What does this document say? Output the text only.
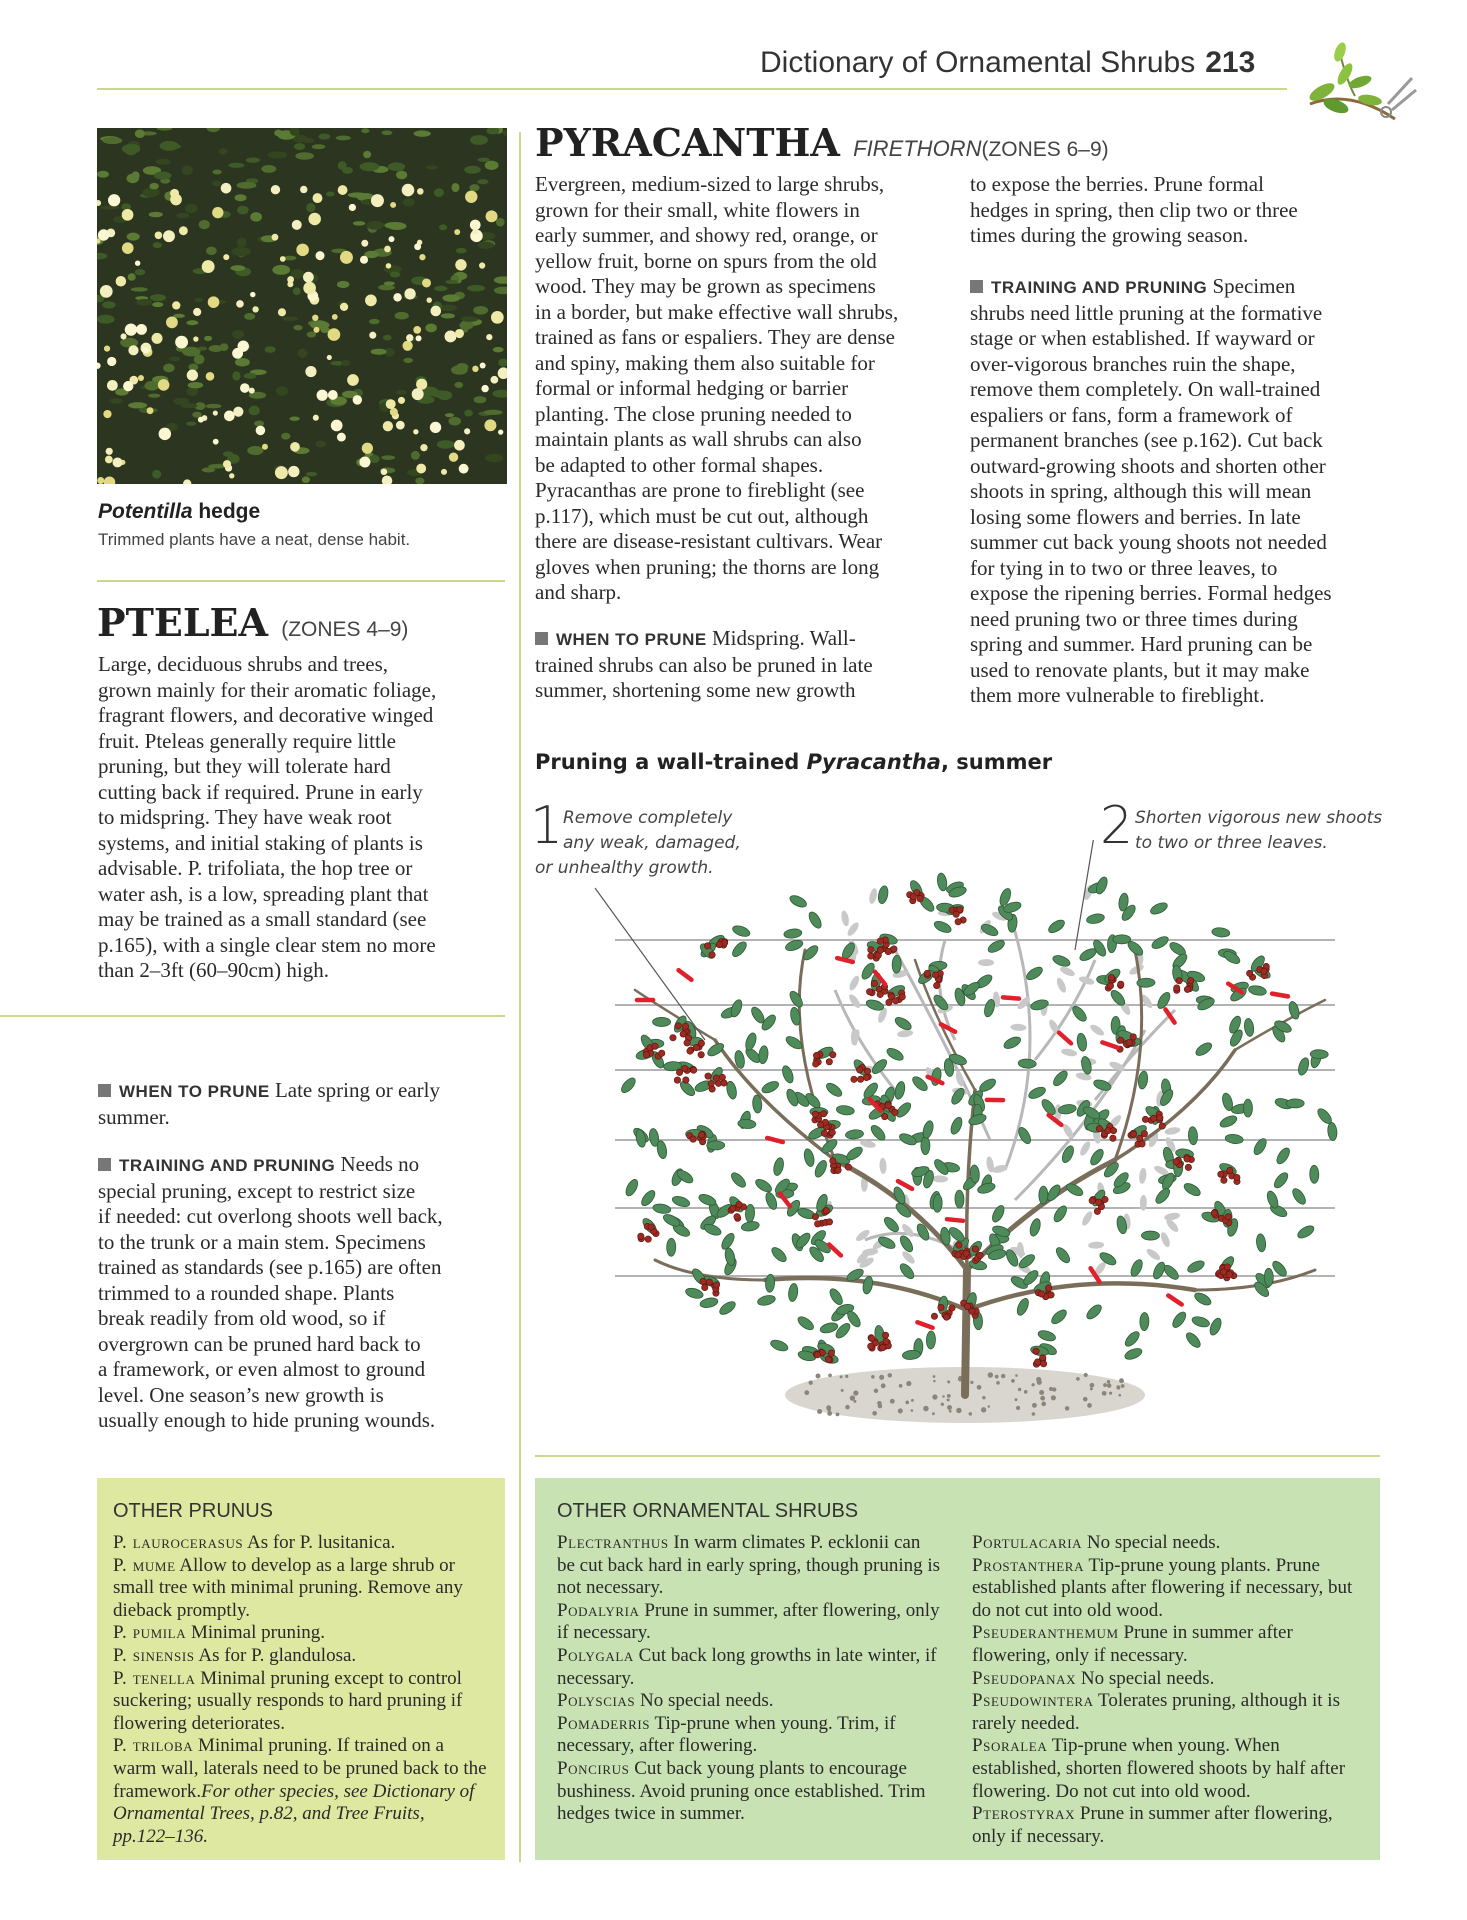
Dictionary of Ornamental Shrubs 213
Potentilla hedge
Trimmed plants have a neat, dense habit.
PTELEA (ZONES 4–9)
Large, deciduous shrubs and trees,
grown mainly for their aromatic foliage,
fragrant flowers, and decorative winged
fruit. Pteleas generally require little
pruning, but they will tolerate hard
cutting back if required. Prune in early
to midspring. They have weak root
systems, and initial staking of plants is
advisable. P. trifoliata, the hop tree or
water ash, is a low, spreading plant that
may be trained as a small standard (see
p.165), with a single clear stem no more
than 2–3ft (60–90cm) high.
WHEN TO PRUNE Late spring or early
summer.
TRAINING AND PRUNING Needs no
special pruning, except to restrict size
if needed: cut overlong shoots well back,
to the trunk or a main stem. Specimens
trained as standards (see p.165) are often
trimmed to a rounded shape. Plants
break readily from old wood, so if
overgrown can be pruned hard back to
a framework, or even almost to ground
level. One season’s new growth is
usually enough to hide pruning wounds.
PYRACANTHA FIRETHORN(ZONES 6–9)
Evergreen, medium-sized to large shrubs,
grown for their small, white flowers in
early summer, and showy red, orange, or
yellow fruit, borne on spurs from the old
wood. They may be grown as specimens
in a border, but make effective wall shrubs,
trained as fans or espaliers. They are dense
and spiny, making them also suitable for
formal or informal hedging or barrier
planting. The close pruning needed to
maintain plants as wall shrubs can also
be adapted to other formal shapes.
Pyracanthas are prone to fireblight (see
p.117), which must be cut out, although
there are disease-resistant cultivars. Wear
gloves when pruning; the thorns are long
and sharp.
WHEN TO PRUNE Midspring. Wall-
trained shrubs can also be pruned in late
summer, shortening some new growth
to expose the berries. Prune formal
hedges in spring, then clip two or three
times during the growing season.
TRAINING AND PRUNING Specimen
shrubs need little pruning at the formative
stage or when established. If wayward or
over-vigorous branches ruin the shape,
remove them completely. On wall-trained
espaliers or fans, form a framework of
permanent branches (see p.162). Cut back
outward-growing shoots and shorten other
shoots in spring, although this will mean
losing some flowers and berries. In late
summer cut back young shoots not needed
for tying in to two or three leaves, to
expose the ripening berries. Formal hedges
need pruning two or three times during
spring and summer. Hard pruning can be
used to renovate plants, but it may make
them more vulnerable to fireblight.
Pruning a wall-trained Pyracantha, summer
1 Remove completely
any weak, damaged,
or unhealthy growth.
2 Shorten vigorous new shoots
to two or three leaves.
OTHER PRUNUS
P. laurocerasus As for P. lusitanica.
P. mume Allow to develop as a large shrub or small tree with minimal pruning. Remove any dieback promptly.
P. pumila Minimal pruning.
P. sinensis As for P. glandulosa.
P. tenella Minimal pruning except to control suckering; usually responds to hard pruning if flowering deteriorates.
P. triloba Minimal pruning. If trained on a warm wall, laterals need to be pruned back to the framework.For other species, see Dictionary of Ornamental Trees, p.82, and Tree Fruits, pp.122–136.
OTHER ORNAMENTAL SHRUBS
Plectranthus In warm climates P. ecklonii can be cut back hard in early spring, though pruning is not necessary.
Podalyria Prune in summer, after flowering, only if necessary.
Polygala Cut back long growths in late winter, if necessary.
Polyscias No special needs.
Pomaderris Tip-prune when young. Trim, if necessary, after flowering.
Poncirus Cut back young plants to encourage bushiness. Avoid pruning once established. Trim hedges twice in summer.
Portulacaria No special needs.
Prostanthera Tip-prune young plants. Prune established plants after flowering if necessary, but do not cut into old wood.
Pseuderanthemum Prune in summer after flowering, only if necessary.
Pseudopanax No special needs.
Pseudowintera Tolerates pruning, although it is rarely needed.
Psoralea Tip-prune when young. When established, shorten flowered shoots by half after flowering. Do not cut into old wood.
Pterostyrax Prune in summer after flowering, only if necessary.
